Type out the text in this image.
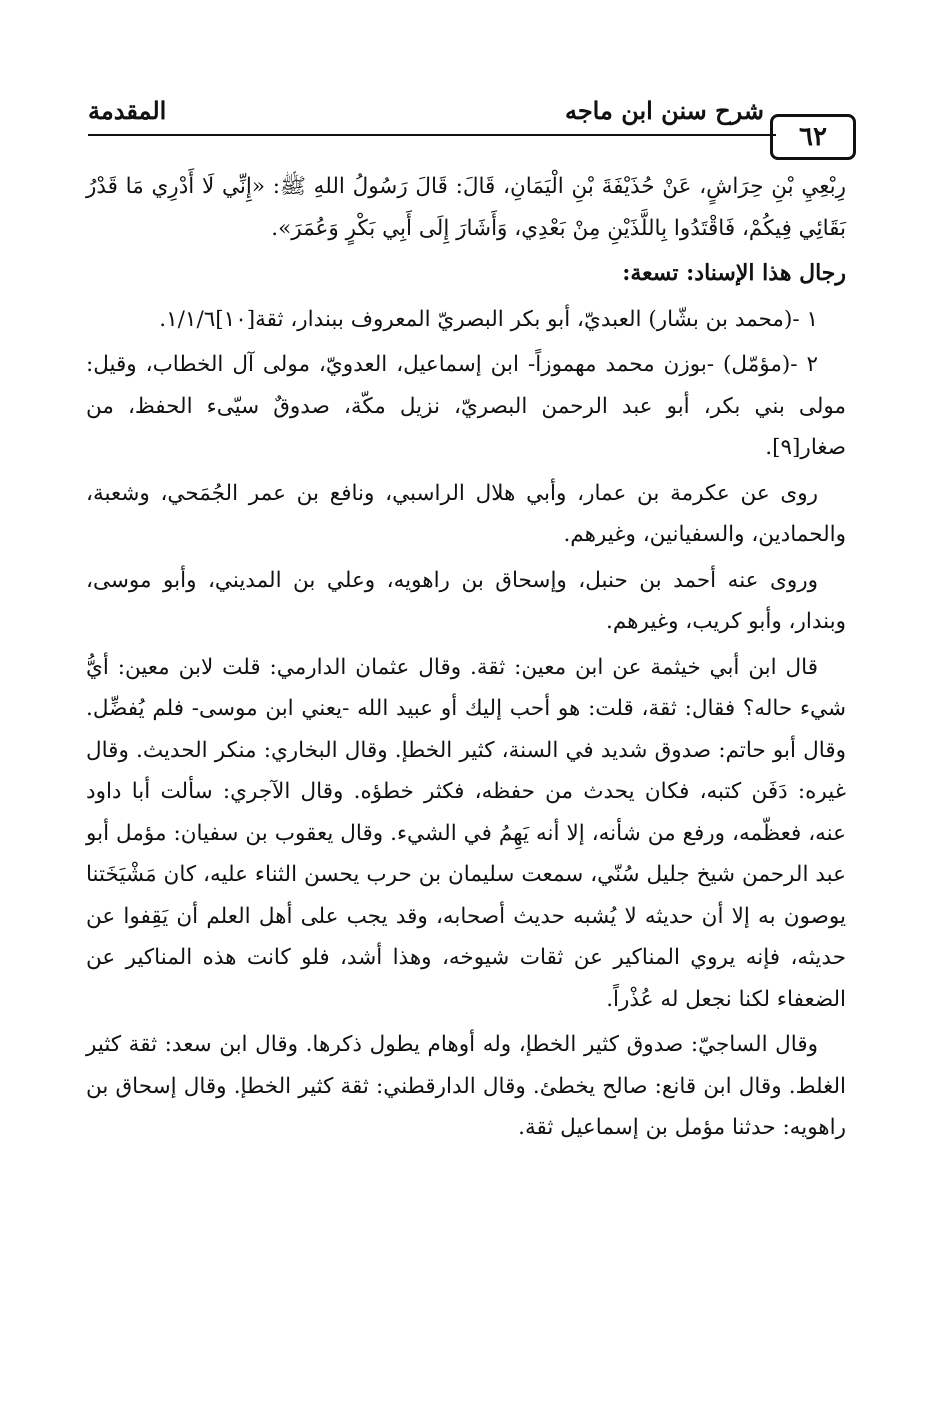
٦٢
شرح سنن ابن ماجه
المقدمة

رِبْعِيِ بْنِ حِرَاشٍ، عَنْ حُذَيْفَةَ بْنِ الْيَمَانِ، قَالَ: قَالَ رَسُولُ اللهِ ﷺ: «إِنِّي لَا أَدْرِي مَا قَدْرُ بَقَائِي فِيكُمْ، فَاقْتَدُوا بِاللَّذَيْنِ مِنْ بَعْدِي، وَأَشَارَ إِلَى أَبِي بَكْرٍ وَعُمَرَ».

رجال هذا الإسناد: تسعة:

١ -(محمد بن بشّار) العبديّ، أبو بكر البصريّ المعروف ببندار، ثقة[١٠]١/١/٦.

٢ -(مؤمّل) -بوزن محمد مهموزاً- ابن إسماعيل، العدويّ، مولى آل الخطاب، وقيل: مولى بني بكر، أبو عبد الرحمن البصريّ، نزيل مكّة، صدوقٌ سيّىء الحفظ، من صغار[٩].

روى عن عكرمة بن عمار، وأبي هلال الراسبي، ونافع بن عمر الجُمَحي، وشعبة، والحمادين، والسفيانين، وغيرهم.

وروى عنه أحمد بن حنبل، وإسحاق بن راهويه، وعلي بن المديني، وأبو موسى، وبندار، وأبو كريب، وغيرهم.

قال ابن أبي خيثمة عن ابن معين: ثقة. وقال عثمان الدارمي: قلت لابن معين: أيُّ شيء حاله؟ فقال: ثقة، قلت: هو أحب إليك أو عبيد الله -يعني ابن موسى- فلم يُفضِّل. وقال أبو حاتم: صدوق شديد في السنة، كثير الخطإ. وقال البخاري: منكر الحديث. وقال غيره: دَفَن كتبه، فكان يحدث من حفظه، فكثر خطؤه. وقال الآجري: سألت أبا داود عنه، فعظّمه، ورفع من شأنه، إلا أنه يَهِمُ في الشيء. وقال يعقوب بن سفيان: مؤمل أبو عبد الرحمن شيخ جليل سُنّي، سمعت سليمان بن حرب يحسن الثناء عليه، كان مَشْيَخَتنا يوصون به إلا أن حديثه لا يُشبه حديث أصحابه، وقد يجب على أهل العلم أن يَقِفوا عن حديثه، فإنه يروي المناكير عن ثقات شيوخه، وهذا أشد، فلو كانت هذه المناكير عن الضعفاء لكنا نجعل له عُذْراً.

وقال الساجيّ: صدوق كثير الخطإ، وله أوهام يطول ذكرها. وقال ابن سعد: ثقة كثير الغلط. وقال ابن قانع: صالح يخطئ. وقال الدارقطني: ثقة كثير الخطإ. وقال إسحاق بن راهويه: حدثنا مؤمل بن إسماعيل ثقة.
